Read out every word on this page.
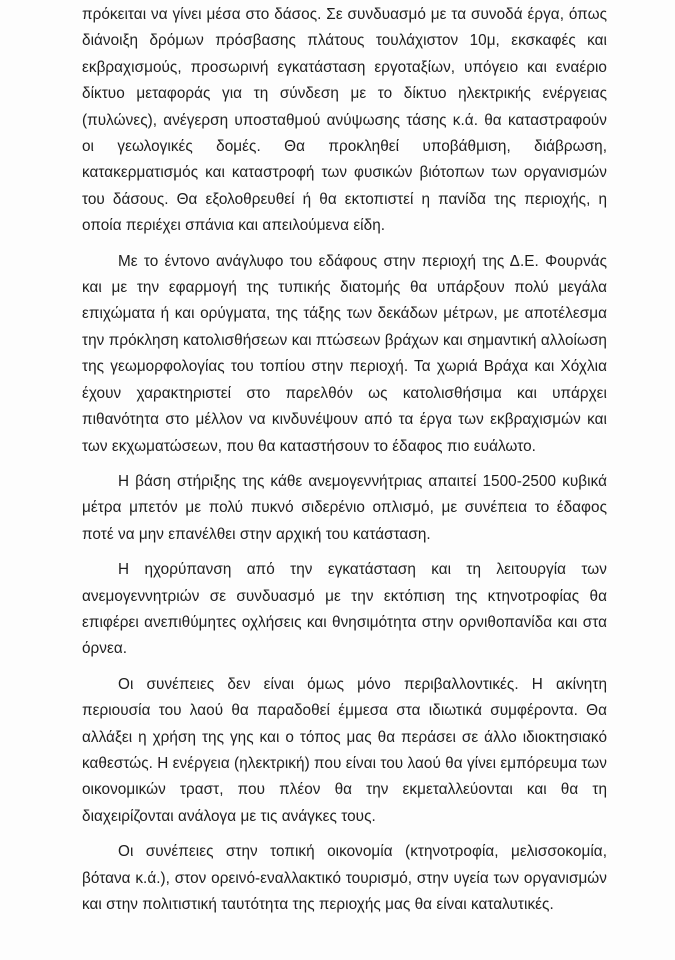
πρόκειται να γίνει μέσα στο δάσος. Σε συνδυασμό με τα συνοδά έργα, όπως διάνοιξη δρόμων πρόσβασης πλάτους τουλάχιστον 10μ, εκσκαφές και εκβραχισμούς, προσωρινή εγκατάσταση εργοταξίων, υπόγειο και εναέριο δίκτυο μεταφοράς για τη σύνδεση με το δίκτυο ηλεκτρικής ενέργειας (πυλώνες), ανέγερση υποσταθμού ανύψωσης τάσης κ.ά. θα καταστραφούν οι γεωλογικές δομές. Θα προκληθεί υποβάθμιση, διάβρωση, κατακερματισμός και καταστροφή των φυσικών βιότοπων των οργανισμών του δάσους. Θα εξολοθρευθεί ή θα εκτοπιστεί η πανίδα της περιοχής, η οποία περιέχει σπάνια και απειλούμενα είδη.

Με το έντονο ανάγλυφο του εδάφους στην περιοχή της Δ.Ε. Φουρνάς και με την εφαρμογή της τυπικής διατομής θα υπάρξουν πολύ μεγάλα επιχώματα ή και ορύγματα, της τάξης των δεκάδων μέτρων, με αποτέλεσμα την πρόκληση κατολισθήσεων και πτώσεων βράχων και σημαντική αλλοίωση της γεωμορφολογίας του τοπίου στην περιοχή. Τα χωριά Βράχα και Χόχλια έχουν χαρακτηριστεί στο παρελθόν ως κατολισθήσιμα και υπάρχει πιθανότητα στο μέλλον να κινδυνέψουν από τα έργα των εκβραχισμών και των εκχωματώσεων, που θα καταστήσουν το έδαφος πιο ευάλωτο.

Η βάση στήριξης της κάθε ανεμογεννήτριας απαιτεί 1500-2500 κυβικά μέτρα μπετόν με πολύ πυκνό σιδερένιο οπλισμό, με συνέπεια το έδαφος ποτέ να μην επανέλθει στην αρχική του κατάσταση.

Η ηχορύπανση από την εγκατάσταση και τη λειτουργία των ανεμογεννητριών σε συνδυασμό με την εκτόπιση της κτηνοτροφίας θα επιφέρει ανεπιθύμητες οχλήσεις και θνησιμότητα στην ορνιθοπανίδα και στα όρνεα.

Οι συνέπειες δεν είναι όμως μόνο περιβαλλοντικές. Η ακίνητη περιουσία του λαού θα παραδοθεί έμμεσα στα ιδιωτικά συμφέροντα. Θα αλλάξει η χρήση της γης και ο τόπος μας θα περάσει σε άλλο ιδιοκτησιακό καθεστώς. Η ενέργεια (ηλεκτρική) που είναι του λαού θα γίνει εμπόρευμα των οικονομικών τραστ, που πλέον θα την εκμεταλλεύονται και θα τη διαχειρίζονται ανάλογα με τις ανάγκες τους.

Οι συνέπειες στην τοπική οικονομία (κτηνοτροφία, μελισσοκομία, βότανα κ.ά.), στον ορεινό-εναλλακτικό τουρισμό, στην υγεία των οργανισμών και στην πολιτιστική ταυτότητα της περιοχής μας θα είναι καταλυτικές.
